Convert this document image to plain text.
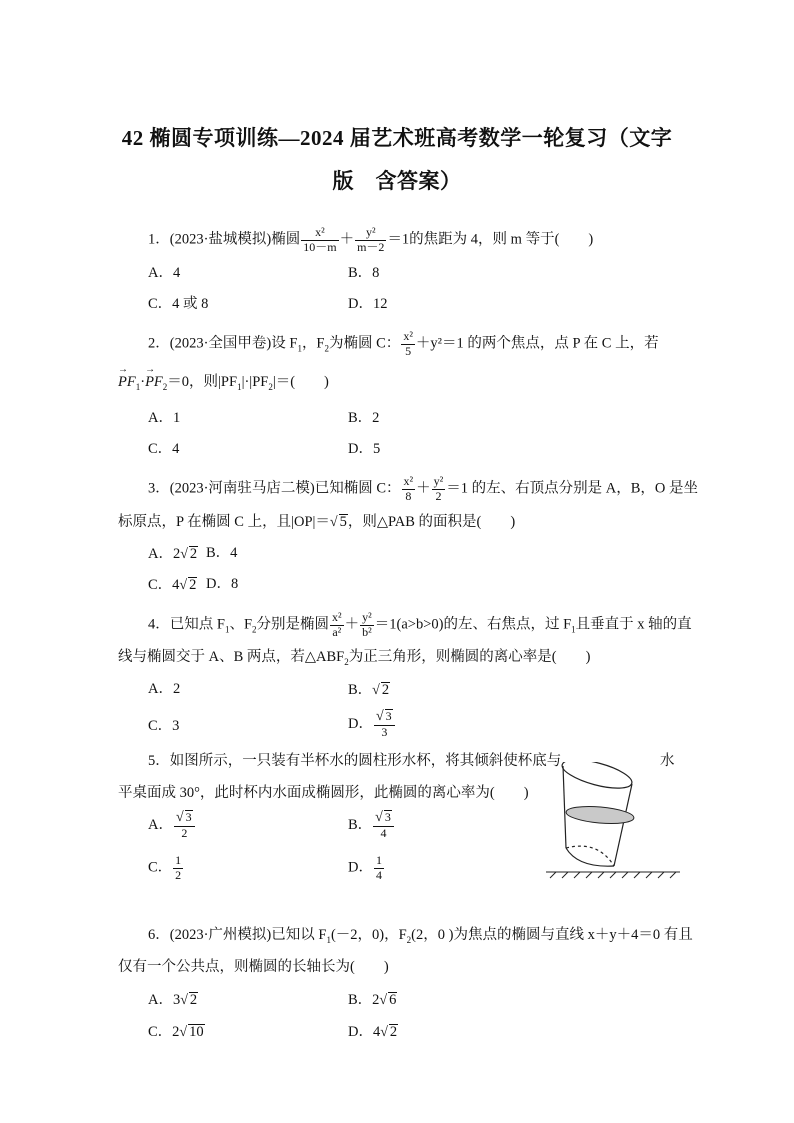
42 椭圆专项训练—2024 届艺术班高考数学一轮复习（文字
版　含答案）
1．(2023·盐城模拟)椭圆 $\frac{\text{x²}}{10-m} + \frac{\text{y²}}{m-2} =1$的焦距为 4，则 m 等于(　　)
A．4	B．8
C．4 或 8	D．12
2．(2023·全国甲卷)设 $F_1$，$F_2$为椭圆 C： $\frac{\text{x²}}{5} +y^2=1$ 的两个焦点，点 P 在 C 上，若
→ $PF_1\cdot\to PF_2=0$，则$|PF_1|\cdot|PF_2|=$(　　)
A．1	B．2
C．4	D．5
3．(2023·河南驻马店二模)已知椭圆 C： $\frac{\text{x²}}{8} + \frac{\text{y²}}{2} =1$ 的左、右顶点分别是 A，B，O 是坐
标原点，P 在椭圆 C 上，且|OP|＝√ 5，则△PAB 的面积是(　　)
A．2√ 2 B．4
C．4√ 2 D．8
4．已知点 $F_1$、$F_2$分别是椭圆 $\frac{\text{x²}}{\text{a²}} + \frac{\text{y²}}{\text{b²}} =1(a>b>0)$的左、右焦点，过 $F_1$且垂直于 x 轴的直
线与椭圆交于 A、B 两点，若$\triangle ABF_2$为正三角形，则椭圆的离心率是(　　)
A．2	B．√ 2
C．3	D． $\frac{√ 3}{3}$
5．如图所示，一只装有半杯水的圆柱形水杯，将其倾斜使杯底与	水
平桌面成 30°，此时杯内水面成椭圆形，此椭圆的离心率为(　　)
A． $\frac{√ 3}{2}$	B． $\frac{√ 3}{4}$
C． $\frac{1}{2}$	D． $\frac{1}{4}$
6．(2023·广州模拟)已知以 $F_1(-2$，0)，$F_2(2$，0 )为焦点的椭圆与直线 x＋y＋4＝0 有且
仅有一个公共点，则椭圆的长轴长为(　　)
A．3√ 2	B．2√ 6
C．2√ 10	D．4√ 2
